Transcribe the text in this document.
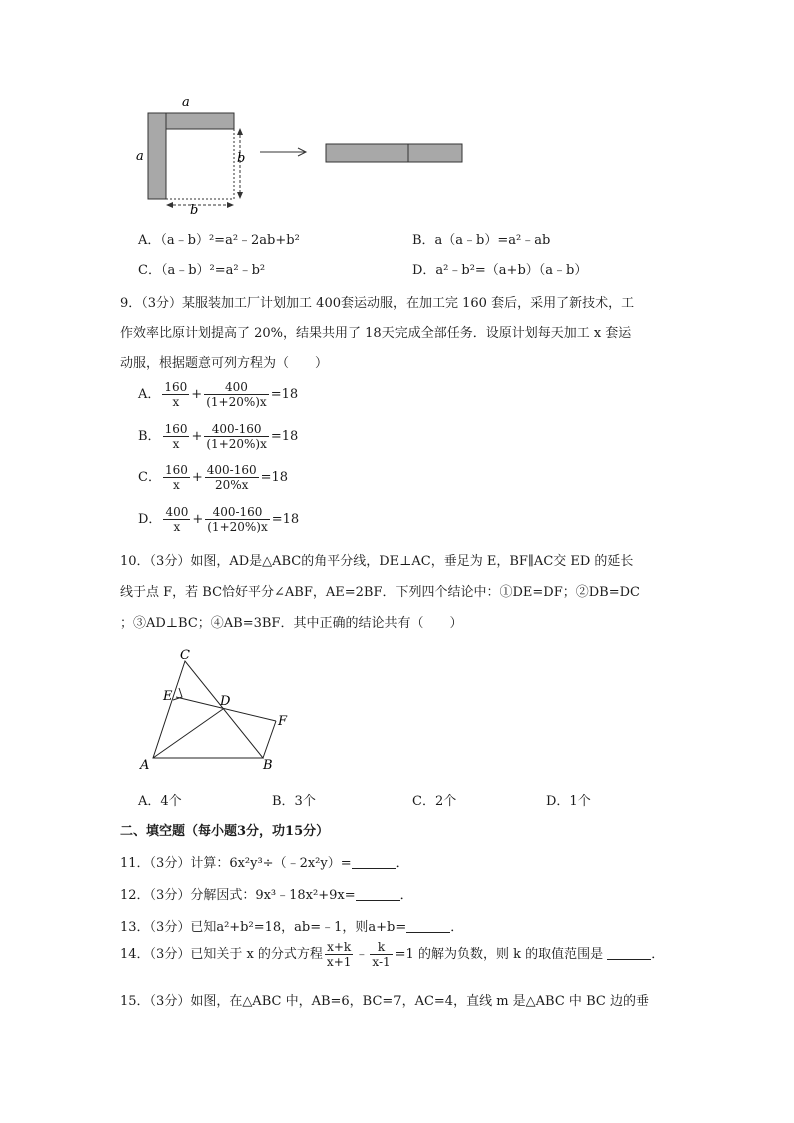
a
a	b
b
A．（a﹣b）²=a²﹣2ab+b²	B．a（a﹣b）=a²﹣ab
C．（a﹣b）²=a²﹣b²	D．a²﹣b²=（a+b）（a﹣b）
9．（3分）某服装加工厂计划加工 400套运动服，在加工完 160 套后，采用了新技术，工
作效率比原计划提高了 20%，结果共用了 18天完成全部任务．设原计划每天加工 x 套运
动服，根据题意可列方程为（　　）
A． $\frac{160}{x} + \frac{400}{(1+20\%)x} =18$
B． $\frac{160}{x} + \frac{400-160}{(1+20\%)x} =18$
C． $\frac{160}{x} + \frac{400-160}{20\%x} =18$
D． $\frac{400}{x} + \frac{400-160}{(1+20\%)x} =18$
10．（3分）如图，AD是△ABC的角平分线，DE⊥AC，垂足为 E，BF∥AC交 ED 的延长
线于点 F，若 BC恰好平分∠ABF，AE=2BF．下列四个结论中：①DE=DF；②DB=DC
；③AD⊥BC；④AB=3BF．其中正确的结论共有（　　）
C
E	D
F
A	B
A．4个	B．3个	C．2个	D．1个
二、填空题（每小题3分，功15分）
11．（3分）计算：6x²y³÷（﹣2x²y）=	．
12．（3分）分解因式：9x³﹣18x²+9x=	．
13．（3分）已知a²+b²=18，ab=﹣1，则a+b=	．
14．（3分）已知关于 x 的分式方程 $\frac{x+k}{x+1}$ ﹣ $\frac{k}{x-1} =1$ 的解为负数，则 k 的取值范围是	．
15．（3分）如图，在△ABC 中，AB=6，BC=7，AC=4，直线 m 是△ABC 中 BC 边的垂
